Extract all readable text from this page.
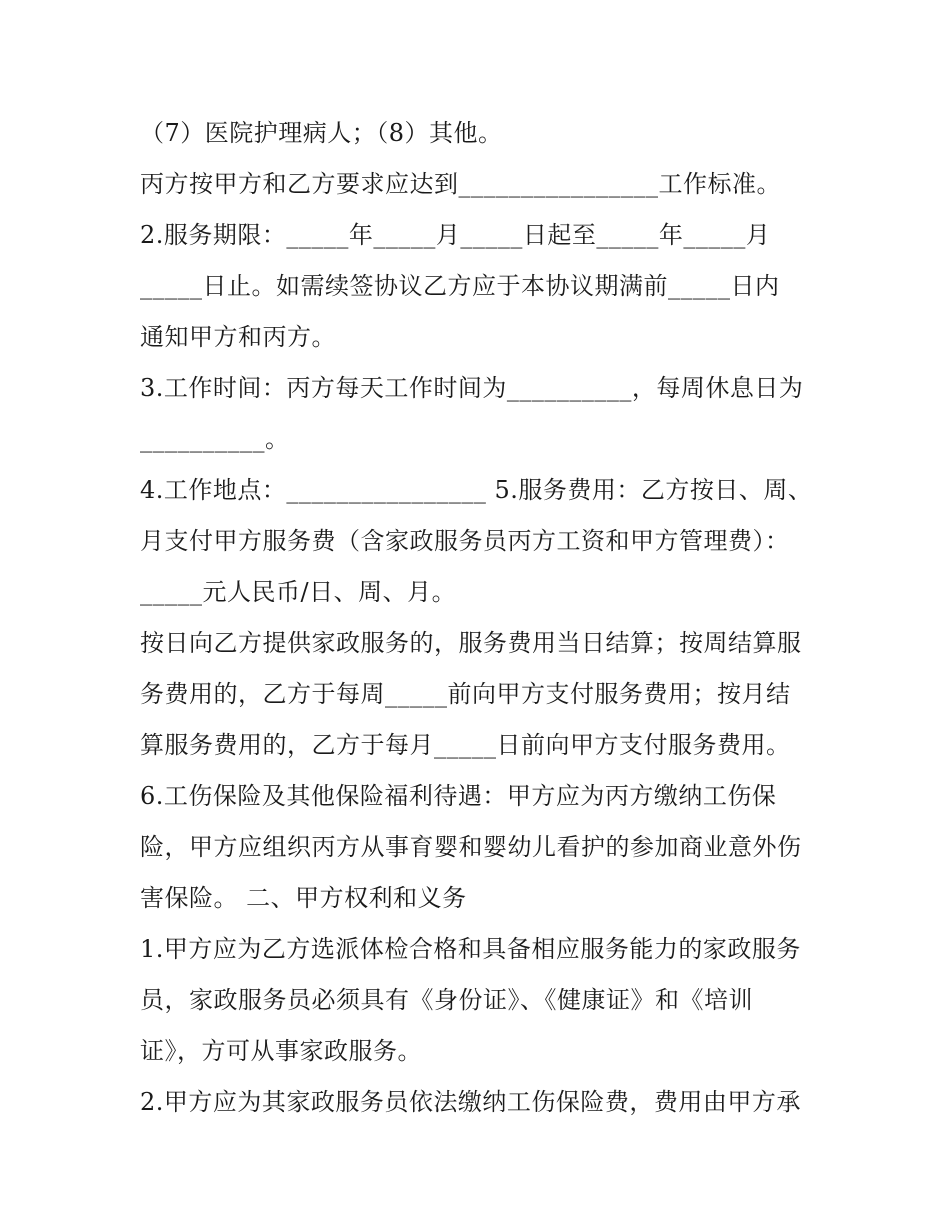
（7）医院护理病人；（8）其他。
丙方按甲方和乙方要求应达到________________工作标准。
2.服务期限：_____年_____月_____日起至_____年_____月
_____日止。如需续签协议乙方应于本协议期满前_____日内
通知甲方和丙方。
3.工作时间：丙方每天工作时间为__________，每周休息日为
__________。
4.工作地点：________________ 5.服务费用：乙方按日、周、
月支付甲方服务费（含家政服务员丙方工资和甲方管理费）：
_____元人民币/日、周、月。
按日向乙方提供家政服务的，服务费用当日结算；按周结算服
务费用的，乙方于每周_____前向甲方支付服务费用；按月结
算服务费用的，乙方于每月_____日前向甲方支付服务费用。
6.工伤保险及其他保险福利待遇：甲方应为丙方缴纳工伤保
险，甲方应组织丙方从事育婴和婴幼儿看护的参加商业意外伤
害保险。 二、甲方权利和义务
1.甲方应为乙方选派体检合格和具备相应服务能力的家政服务
员，家政服务员必须具有《身份证》、《健康证》和《培训
证》，方可从事家政服务。
2.甲方应为其家政服务员依法缴纳工伤保险费，费用由甲方承
